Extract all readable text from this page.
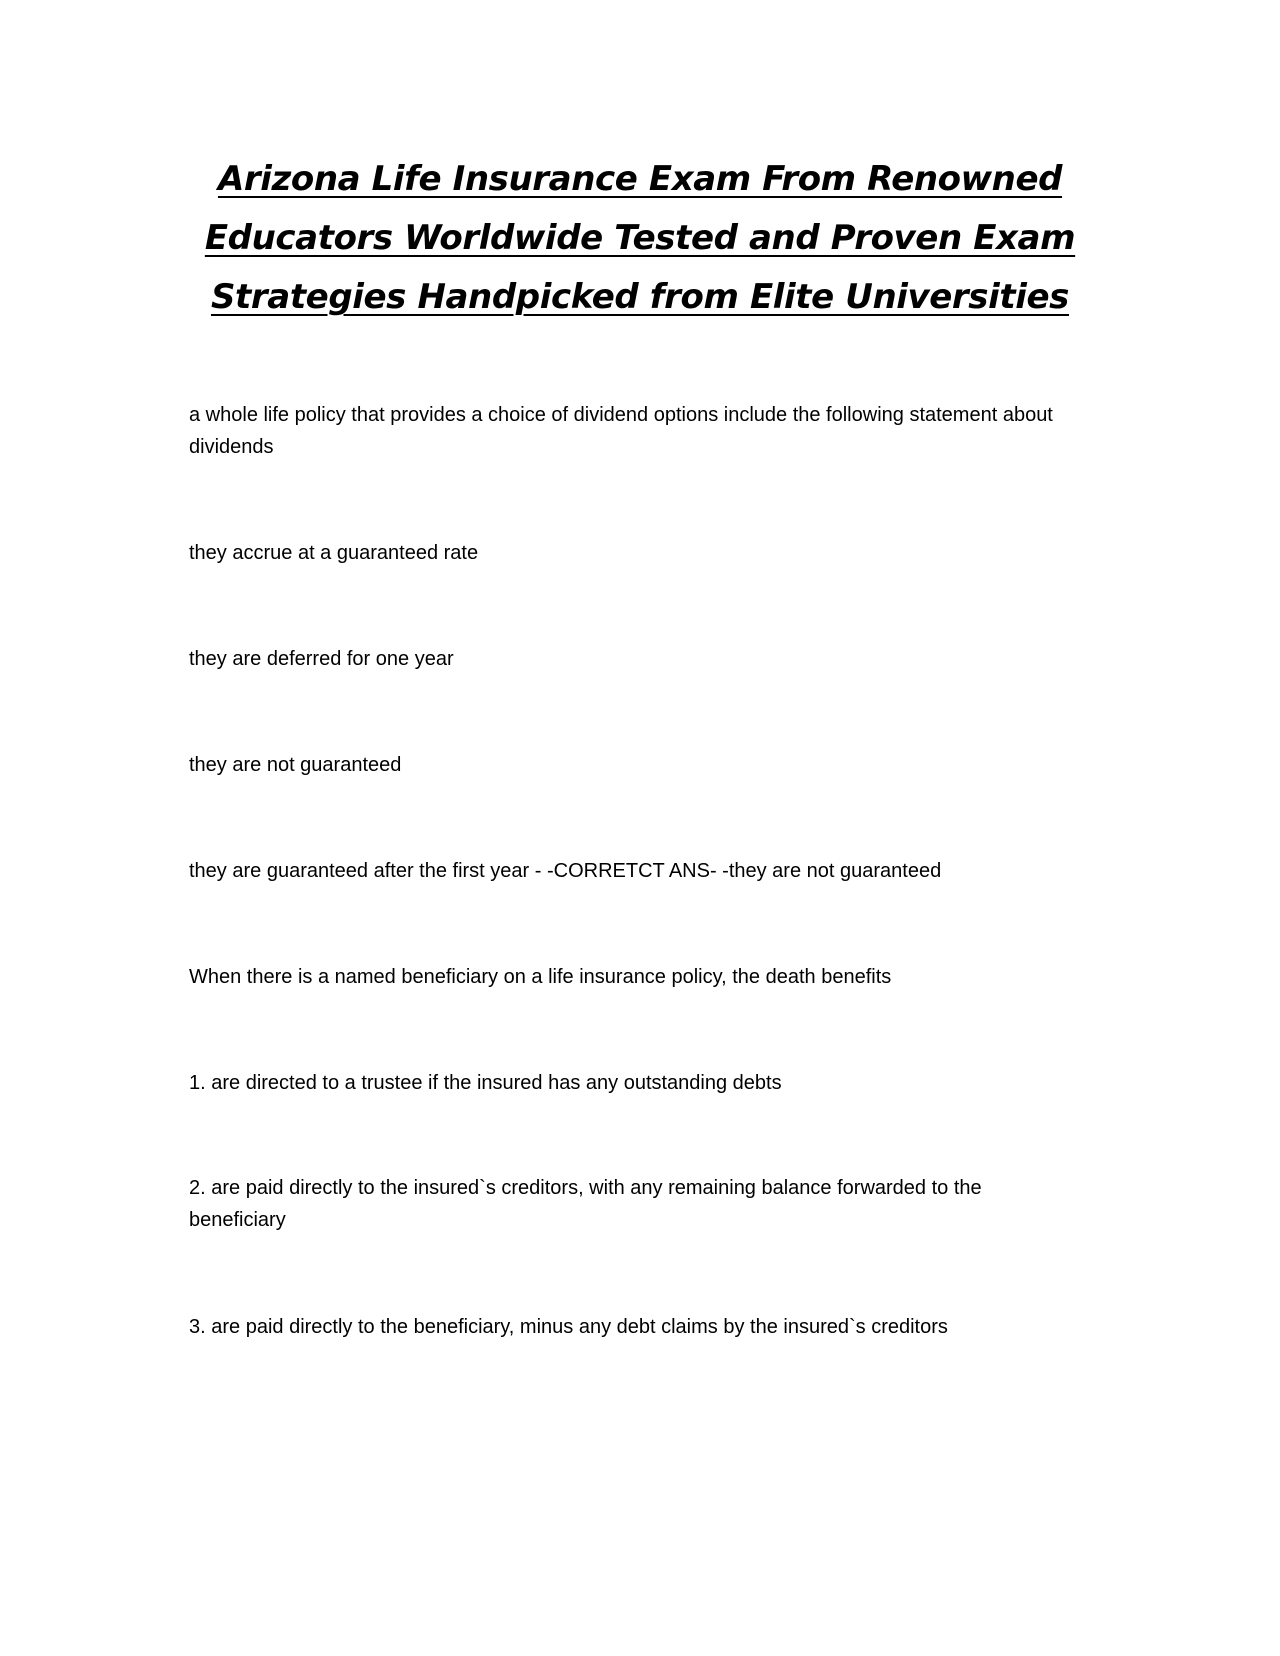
Arizona Life Insurance Exam From Renowned
Educators Worldwide Tested and Proven Exam
Strategies Handpicked from Elite Universities

a whole life policy that provides a choice of dividend options include the following statement about dividends

they accrue at a guaranteed rate

they are deferred for one year

they are not guaranteed

they are guaranteed after the first year - -CORRETCT ANS- -they are not guaranteed

When there is a named beneficiary on a life insurance policy, the death benefits

1. are directed to a trustee if the insured has any outstanding debts

2. are paid directly to the insured`s creditors, with any remaining balance forwarded to the beneficiary

3. are paid directly to the beneficiary, minus any debt claims by the insured`s creditors
